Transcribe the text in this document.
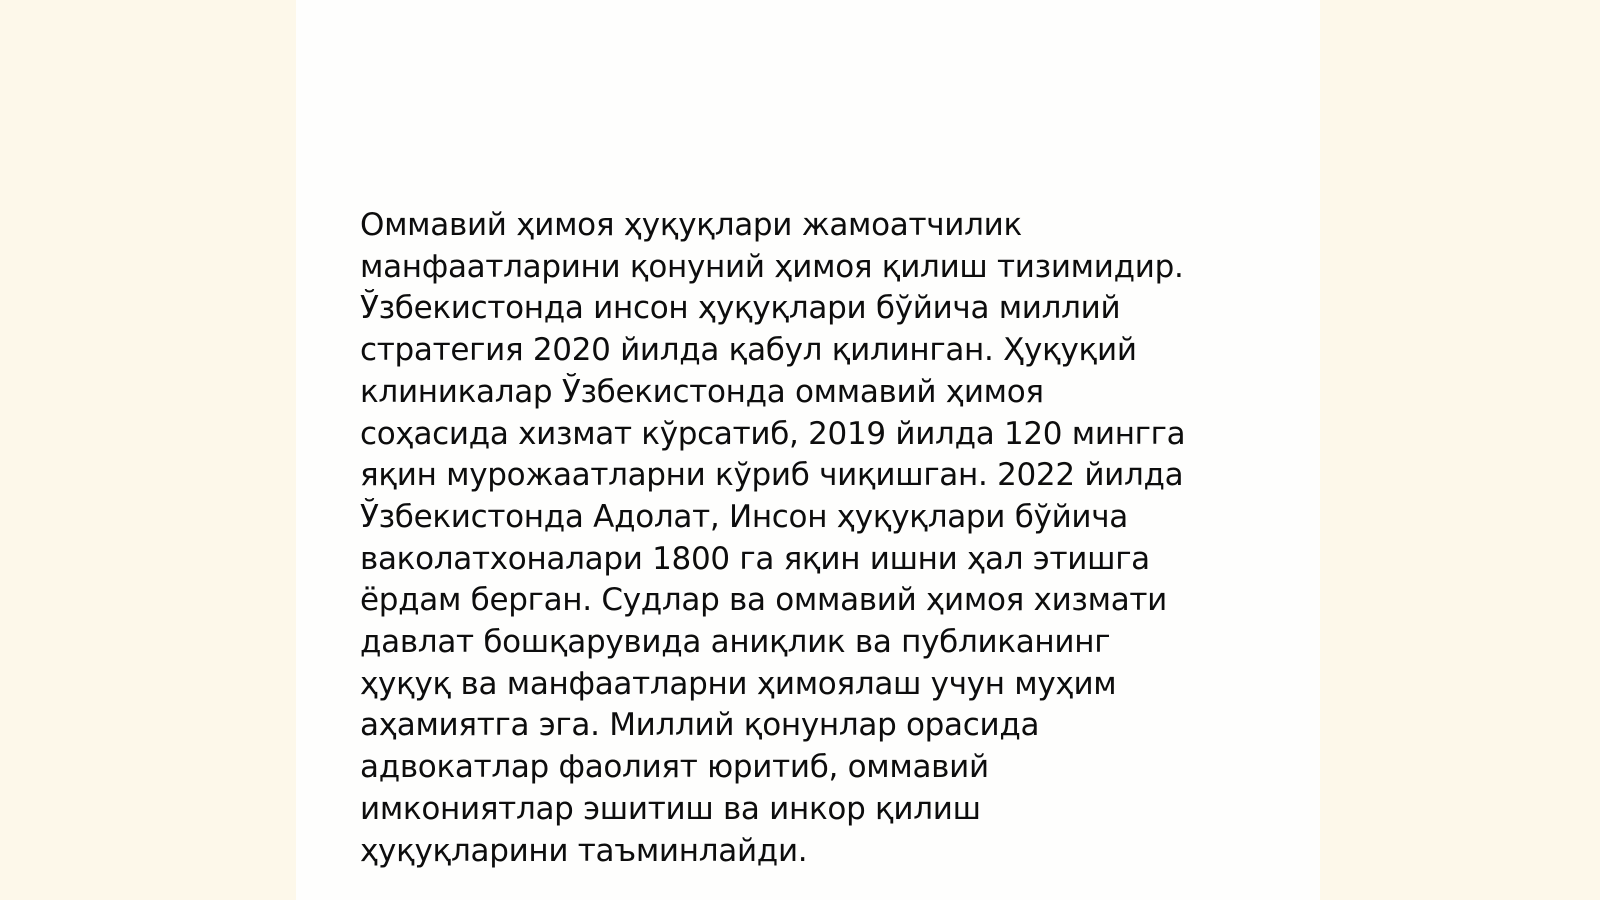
Оммавий ҳимоя ҳуқуқлари жамоатчилик
манфаатларини қонуний ҳимоя қилиш тизимидир.
Ўзбекистонда инсон ҳуқуқлари бўйича миллий
стратегия 2020 йилда қабул қилинган. Ҳуқуқий
клиникалар Ўзбекистонда оммавий ҳимоя
соҳасида хизмат кўрсатиб, 2019 йилда 120 мингга
яқин мурожаатларни кўриб чиқишган. 2022 йилда
Ўзбекистонда Адолат, Инсон ҳуқуқлари бўйича
ваколатхоналари 1800 га яқин ишни ҳал этишга
ёрдам берган. Судлар ва оммавий ҳимоя хизмати
давлат бошқарувида аниқлик ва публиканинг
ҳуқуқ ва манфаатларни ҳимоялаш учун муҳим
аҳамиятга эга. Миллий қонунлар орасида
адвокатлар фаолият юритиб, оммавий
имкониятлар эшитиш ва инкор қилиш
ҳуқуқларини таъминлайди.
